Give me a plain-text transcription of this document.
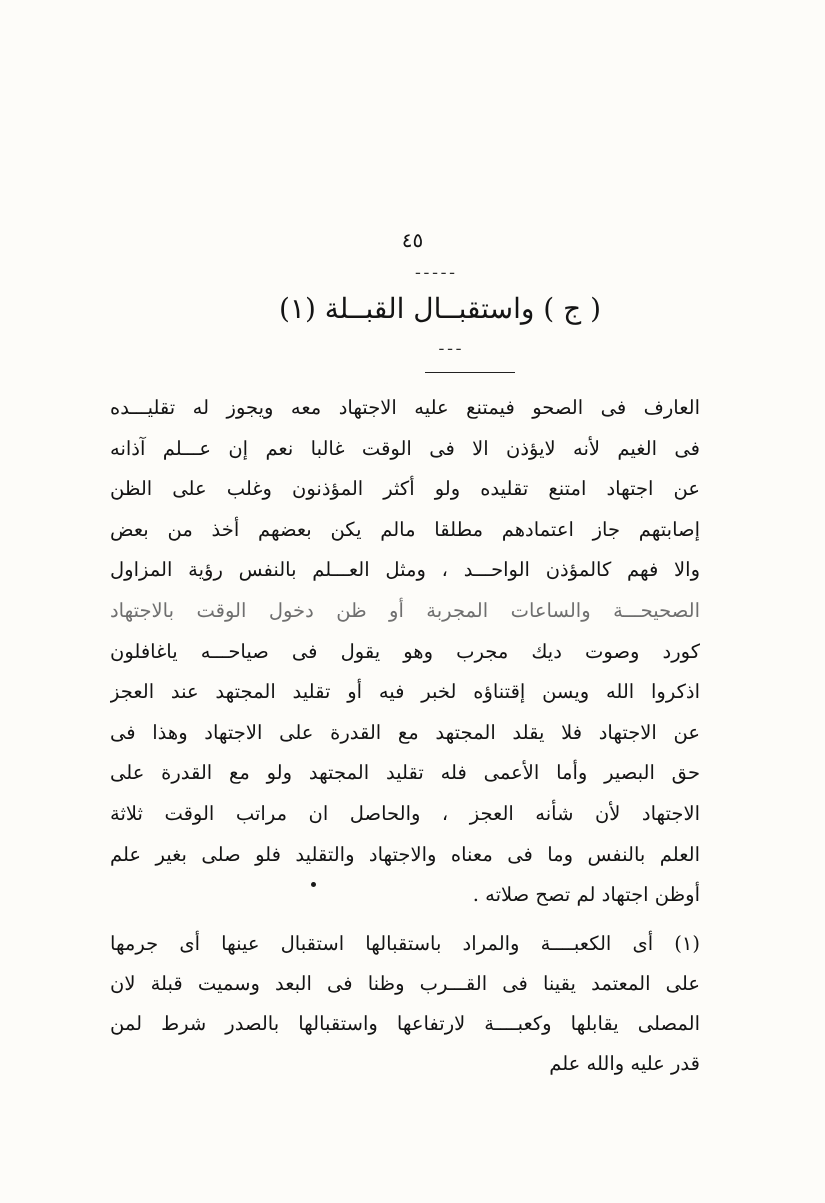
٤٥
ـ ـ ـ ـ ـ
( ج ) واستقبــال القبــلة (١)
ـ ـ ـ
العارف فى الصحو فيمتنع عليه الاجتهاد معه ويجوز له تقليـــده
فى الغيم لأنه لايؤذن الا فى الوقت غالبا نعم إن عـــلم آذانه
عن اجتهاد امتنع تقليده ولو أكثر المؤذنون وغلب على الظن
إصابتهم جاز اعتمادهم مطلقا مالم يكن بعضهم أخذ من بعض
والا فهم كالمؤذن الواحـــد ، ومثل العـــلم بالنفس رؤية المزاول
الصحيحـــة والساعات المجربة أو ظن دخول الوقت بالاجتهاد
كورد وصوت ديك مجرب وهو يقول فى صياحـــه ياغافلون
اذكروا الله ويسن إقتناؤه لخبر فيه أو تقليد المجتهد عند العجز
عن الاجتهاد فلا يقلد المجتهد مع القدرة على الاجتهاد وهذا فى
حق البصير وأما الأعمى فله تقليد المجتهد ولو مع القدرة على
الاجتهاد لأن شأنه العجز ، والحاصل ان مراتب الوقت ثلاثة
العلم بالنفس وما فى معناه والاجتهاد والتقليد فلو صلى بغير علم
أوظن اجتهاد لم تصح صلاته .
(١) أى الكعبــــة والمراد باستقبالها استقبال عينها أى جرمها
على المعتمد يقينا فى القـــرب وظنا فى البعد وسميت قبلة لان
المصلى يقابلها وكعبــــة لارتفاعها واستقبالها بالصدر شرط لمن
قدر عليه والله علم
